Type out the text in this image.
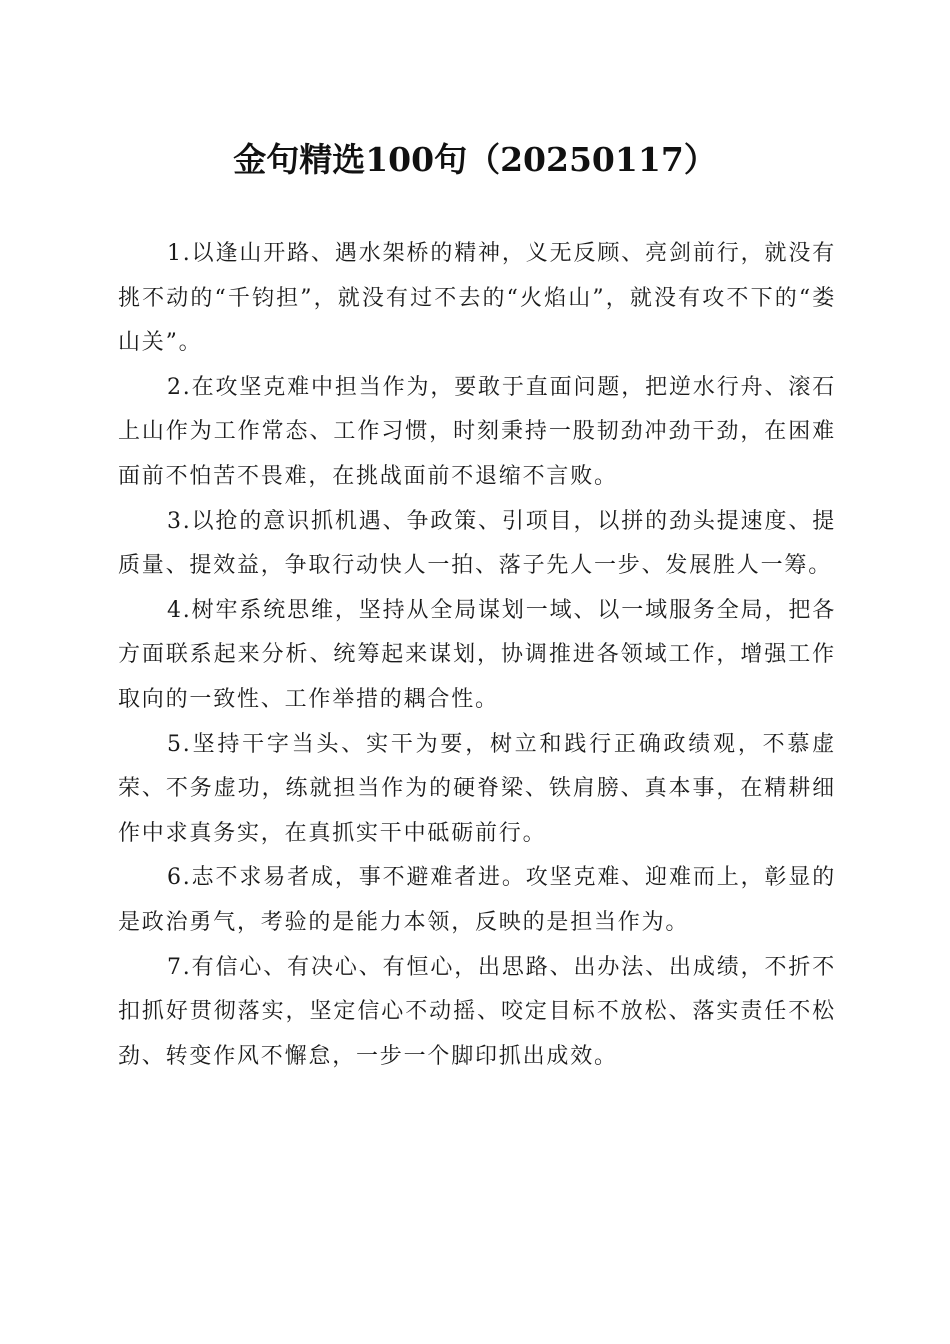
金句精选100句（20250117）

1.以逢山开路、遇水架桥的精神，义无反顾、亮剑前行，就没有挑不动的“千钧担”，就没有过不去的“火焰山”，就没有攻不下的“娄山关”。

2.在攻坚克难中担当作为，要敢于直面问题，把逆水行舟、滚石上山作为工作常态、工作习惯，时刻秉持一股韧劲冲劲干劲，在困难面前不怕苦不畏难，在挑战面前不退缩不言败。

3.以抢的意识抓机遇、争政策、引项目，以拼的劲头提速度、提质量、提效益，争取行动快人一拍、落子先人一步、发展胜人一筹。

4.树牢系统思维，坚持从全局谋划一域、以一域服务全局，把各方面联系起来分析、统筹起来谋划，协调推进各领域工作，增强工作取向的一致性、工作举措的耦合性。

5.坚持干字当头、实干为要，树立和践行正确政绩观，不慕虚荣、不务虚功，练就担当作为的硬脊梁、铁肩膀、真本事，在精耕细作中求真务实，在真抓实干中砥砺前行。

6.志不求易者成，事不避难者进。攻坚克难、迎难而上，彰显的是政治勇气，考验的是能力本领，反映的是担当作为。

7.有信心、有决心、有恒心，出思路、出办法、出成绩，不折不扣抓好贯彻落实，坚定信心不动摇、咬定目标不放松、落实责任不松劲、转变作风不懈怠，一步一个脚印抓出成效。
